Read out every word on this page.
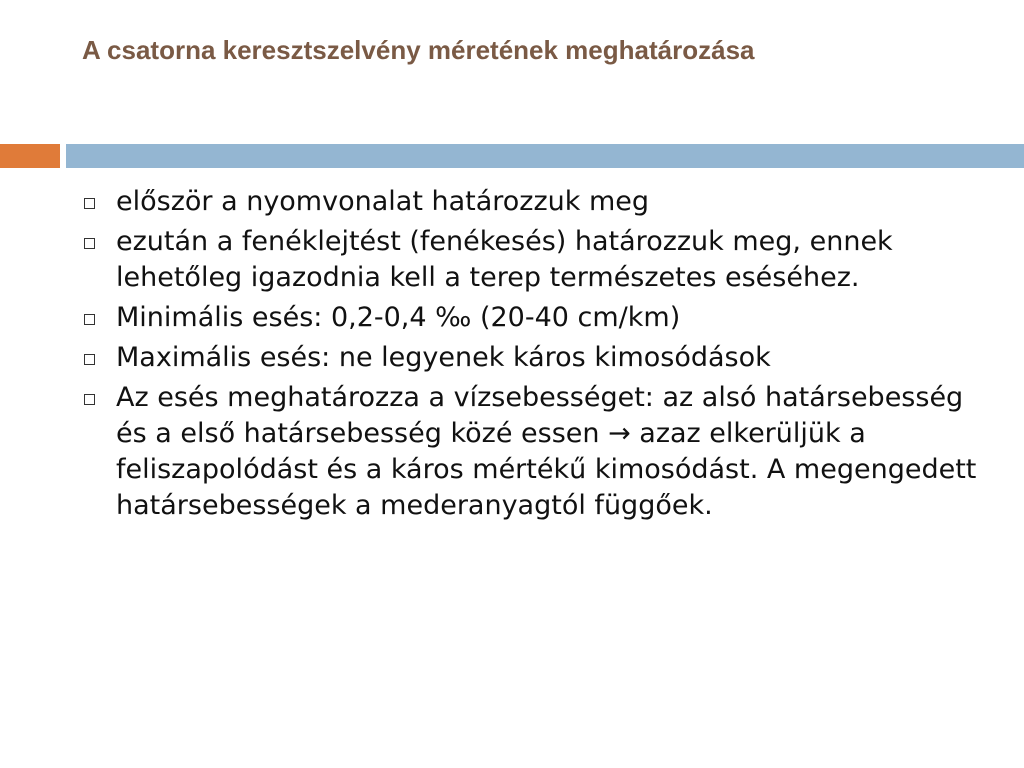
A csatorna keresztszelvény méretének meghatározása
először a nyomvonalat határozzuk meg
ezután a fenéklejtést (fenékesés) határozzuk meg, ennek lehetőleg igazodnia kell a terep természetes eséséhez.
Minimális esés: 0,2-0,4 ‰ (20-40 cm/km)
Maximális esés: ne legyenek káros kimosódások
Az esés meghatározza a vízsebességet: az alsó határsebesség és a első határsebesség közé essen → azaz elkerüljük a feliszapolódást és a káros mértékű kimosódást. A megengedett határsebességek a mederanyagtól függőek.
